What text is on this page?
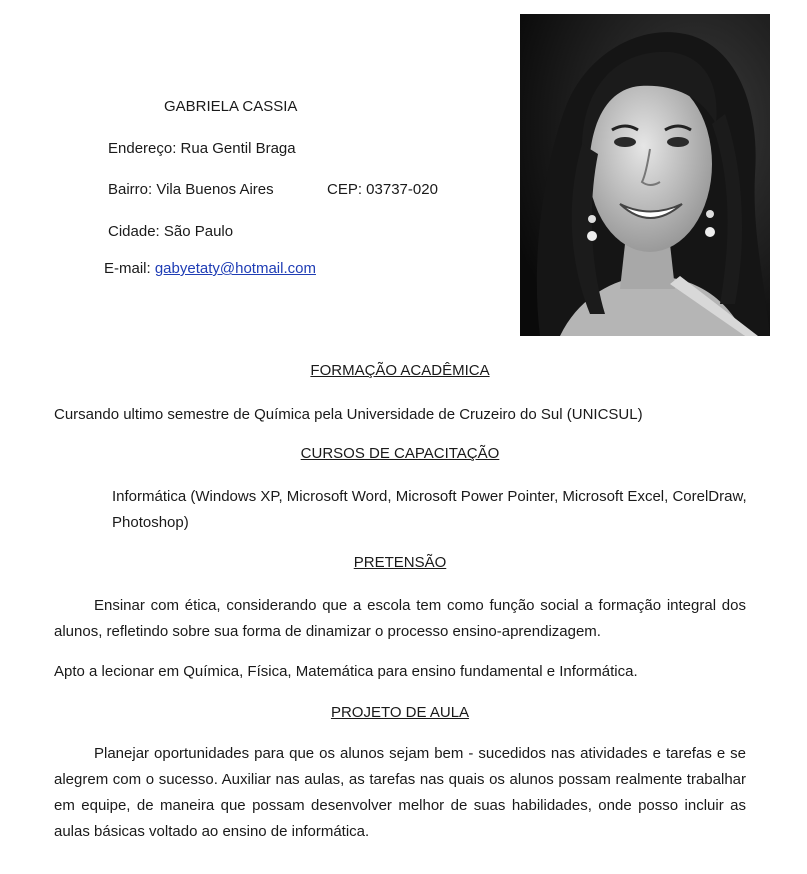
GABRIELA CASSIA
Endereço: Rua Gentil Braga
Bairro: Vila Buenos Aires	CEP: 03737-020
Cidade: São Paulo
E-mail: gabyetaty@hotmail.com
FORMAÇÃO ACADÊMICA
Cursando ultimo semestre de Química pela Universidade de Cruzeiro do Sul (UNICSUL)
CURSOS DE CAPACITAÇÃO
Informática (Windows XP, Microsoft Word, Microsoft Power Pointer, Microsoft Excel, CorelDraw, Photoshop)
PRETENSÃO
Ensinar com ética, considerando que a escola tem como função social a formação integral dos alunos, refletindo sobre sua forma de dinamizar o processo ensino-aprendizagem.
Apto a lecionar em Química, Física, Matemática para ensino fundamental e Informática.
PROJETO DE AULA
Planejar oportunidades para que os alunos sejam bem - sucedidos nas atividades e tarefas e se alegrem com o sucesso. Auxiliar nas aulas, as tarefas nas quais os alunos possam realmente trabalhar em equipe, de maneira que possam desenvolver melhor de suas habilidades, onde posso incluir as aulas básicas voltado ao ensino de informática.
